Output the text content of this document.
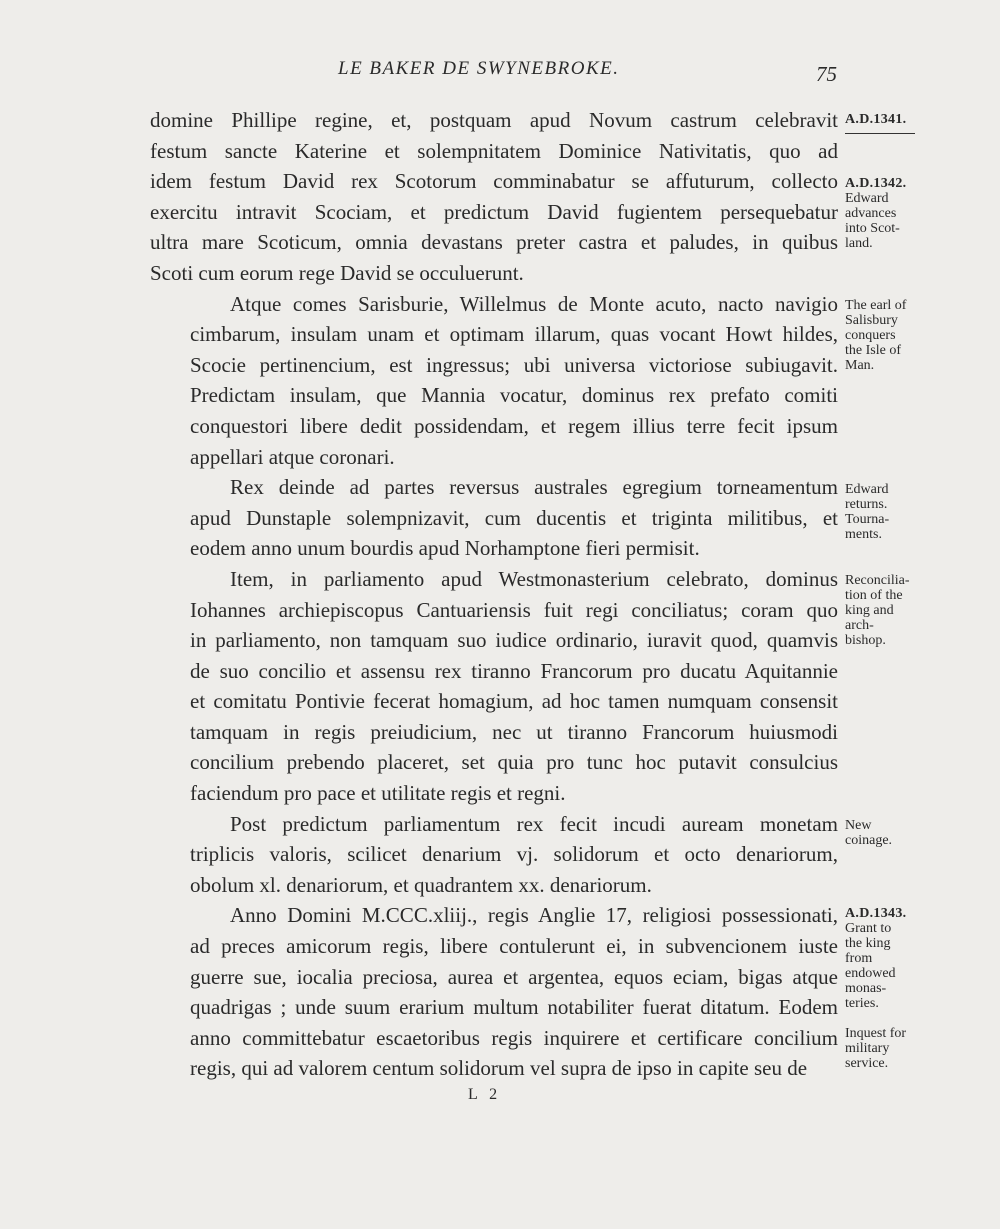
LE BAKER DE SWYNEBROKE.	75
domine Phillipe regine, et, postquam apud Novum castrum celebravit
festum sancte Katerine et solempnitatem Dominice Nativitatis, quo ad
idem festum David rex Scotorum comminabatur se affuturum, collecto
exercitu intravit Scociam, et predictum David fugientem persequebatur
ultra mare Scoticum, omnia devastans preter castra et paludes, in quibus
Scoti cum eorum rege David se occuluerunt.
Atque comes Sarisburie, Willelmus de Monte acuto, nacto navigio
cimbarum, insulam unam et optimam illarum, quas vocant Howt hildes,
Scocie pertinencium, est ingressus; ubi universa victoriose subiugavit.
Predictam insulam, que Mannia vocatur, dominus rex prefato comiti
conquestori libere dedit possidendam, et regem illius terre fecit ipsum
appellari atque coronari.
Rex deinde ad partes reversus australes egregium torneamentum
apud Dunstaple solempnizavit, cum ducentis et triginta militibus, et
eodem anno unum bourdis apud Norhamptone fieri permisit.
Item, in parliamento apud Westmonasterium celebrato, dominus
Iohannes archiepiscopus Cantuariensis fuit regi conciliatus; coram quo
in parliamento, non tamquam suo iudice ordinario, iuravit quod, quamvis
de suo concilio et assensu rex tiranno Francorum pro ducatu Aquitannie
et comitatu Pontivie fecerat homagium, ad hoc tamen numquam consensit
tamquam in regis preiudicium, nec ut tiranno Francorum huiusmodi
concilium prebendo placeret, set quia pro tunc hoc putavit consulcius
faciendum pro pace et utilitate regis et regni.
Post predictum parliamentum rex fecit incudi auream monetam
triplicis valoris, scilicet denarium vj. solidorum et octo denariorum,
obolum xl. denariorum, et quadrantem xx. denariorum.
Anno Domini M.CCC.xliij., regis Anglie 17, religiosi possessionati,
ad preces amicorum regis, libere contulerunt ei, in subvencionem iuste
guerre sue, iocalia preciosa, aurea et argentea, equos eciam, bigas atque
quadrigas ; unde suum erarium multum notabiliter fuerat ditatum. Eodem
anno committebatur escaetoribus regis inquirere et certificare concilium
regis, qui ad valorem centum solidorum vel supra de ipso in capite seu de
A.D.1341.
A.D.1342.
Edward
advances
into Scot-
land.
The earl of
Salisbury
conquers
the Isle of
Man.
Edward
returns.
Tourna-
ments.
Reconcilia-
tion of the
king and
arch-
bishop.
New
coinage.
A.D.1343.
Grant to
the king
from
endowed
monas-
teries.
Inquest for
military
service.
L 2
